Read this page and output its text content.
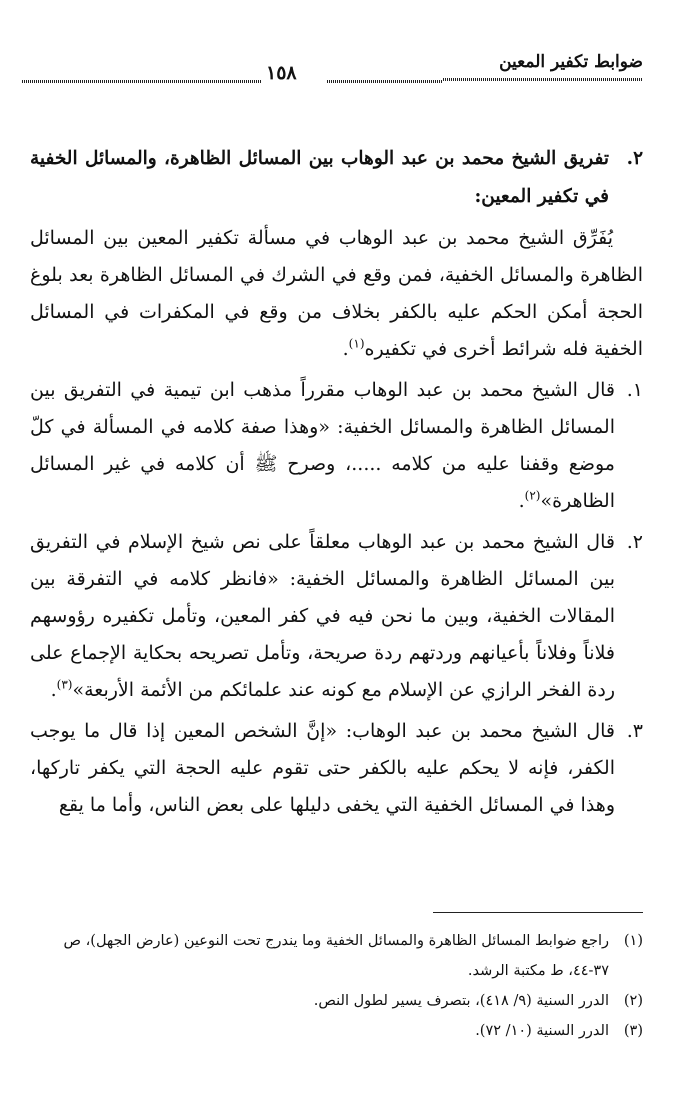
ضوابط تكفير المعين
١٥٨
٢.
تفريق الشيخ محمد بن عبد الوهاب بين المسائل الظاهرة، والمسائل الخفية في تكفير المعين:

يُفَرِّق الشيخ محمد بن عبد الوهاب في مسألة تكفير المعين بين المسائل الظاهرة والمسائل الخفية، فمن وقع في الشرك في المسائل الظاهرة بعد بلوغ الحجة أمكن الحكم عليه بالكفر بخلاف من وقع في المكفرات في المسائل الخفية فله شرائط أخرى في تكفيره$^{(١)}$.

١.
قال الشيخ محمد بن عبد الوهاب مقرراً مذهب ابن تيمية في التفريق بين المسائل الظاهرة والمسائل الخفية: «وهذا صفة كلامه في المسألة في كلّ موضع وقفنا عليه من كلامه .....، وصرح ﷺ أن كلامه في غير المسائل الظاهرة»$^{(٢)}$.
٢.
قال الشيخ محمد بن عبد الوهاب معلقاً على نص شيخ الإسلام في التفريق بين المسائل الظاهرة والمسائل الخفية: «فانظر كلامه في التفرقة بين المقالات الخفية، وبين ما نحن فيه في كفر المعين، وتأمل تكفيره رؤوسهم فلاناً وفلاناً بأعيانهم وردتهم ردة صريحة، وتأمل تصريحه بحكاية الإجماع على ردة الفخر الرازي عن الإسلام مع كونه عند علمائكم من الأئمة الأربعة»$^{(٣)}$.
٣.
قال الشيخ محمد بن عبد الوهاب: «إنَّ الشخص المعين إذا قال ما يوجب الكفر، فإنه لا يحكم عليه بالكفر حتى تقوم عليه الحجة التي يكفر تاركها، وهذا في المسائل الخفية التي يخفى دليلها على بعض الناس، وأما ما يقع
(١)
راجع ضوابط المسائل الظاهرة والمسائل الخفية وما يندرج تحت النوعين (عارض الجهل)، ص ٣٧-٤٤، ط مكتبة الرشد.
(٢)
الدرر السنية (٩/ ٤١٨)، بتصرف يسير لطول النص.
(٣)
الدرر السنية (١٠/ ٧٢).
